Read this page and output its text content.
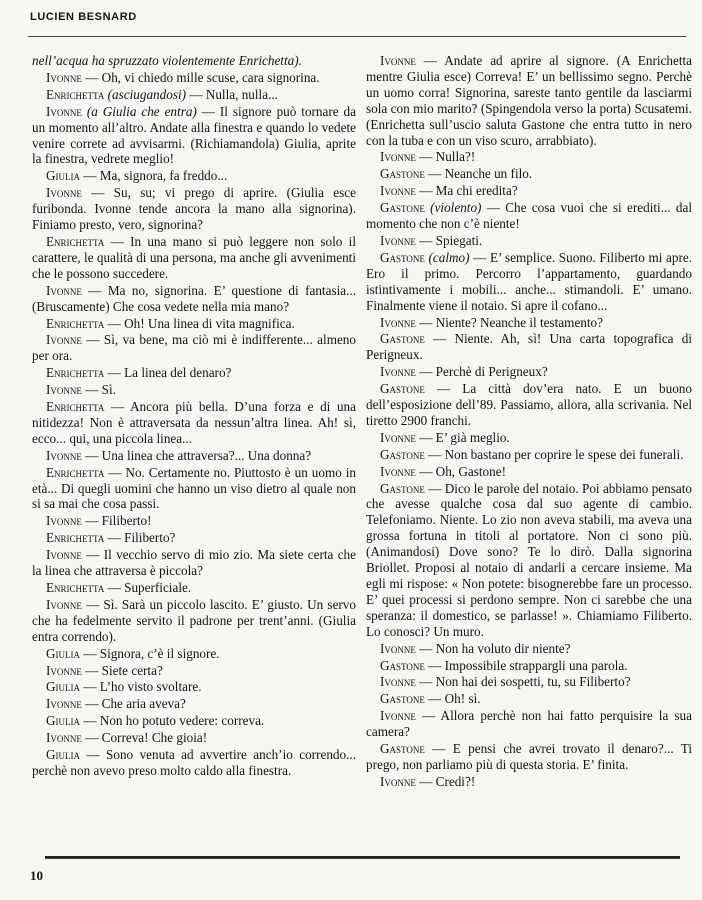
LUCIEN BESNARD

nell’acqua ha spruzzato violentemente Enrichetta).

Ivonne — Oh, vi chiedo mille scuse, cara signorina.

Enrichetta (asciugandosi) — Nulla, nulla...

Ivonne (a Giulia che entra) — Il signore può tornare da un momento all’altro. Andate alla finestra e quando lo vedete venire correte ad avvisarmi. (Richiamandola) Giulia, aprite la finestra, vedrete meglio!

Giulia — Ma, signora, fa freddo...

Ivonne — Su, su; vi prego di aprire. (Giulia esce furibonda. Ivonne tende ancora la mano alla signorina). Finiamo presto, vero, signorina?

Enrichetta — In una mano si può leggere non solo il carattere, le qualità di una persona, ma anche gli avvenimenti che le possono succedere.

Ivonne — Ma no, signorina. E’ questione di fantasia... (Bruscamente) Che cosa vedete nella mia mano?

Enrichetta — Oh! Una linea di vita magnifica.

Ivonne — Sì, va bene, ma ciò mi è indifferente... almeno per ora.

Enrichetta — La linea del denaro?

Ivonne — Sì.

Enrichetta — Ancora più bella. D’una forza e di una nitidezza! Non è attraversata da nessun’altra linea. Ah! sì, ecco... qui, una piccola linea...

Ivonne — Una linea che attraversa?... Una donna?

Enrichetta — No. Certamente no. Piuttosto è un uomo in età... Di quegli uomini che hanno un viso dietro al quale non si sa mai che cosa passi.

Ivonne — Filiberto!

Enrichetta — Filiberto?

Ivonne — Il vecchio servo di mio zio. Ma siete certa che la linea che attraversa è piccola?

Enrichetta — Superficiale.

Ivonne — Sì. Sarà un piccolo lascito. E’ giusto. Un servo che ha fedelmente servito il padrone per trent’anni. (Giulia entra correndo).

Giulia — Signora, c’è il signore.

Ivonne — Siete certa?

Giulia — L’ho visto svoltare.

Ivonne — Che aria aveva?

Giulia — Non ho potuto vedere: correva.

Ivonne — Correva! Che gioia!

Giulia — Sono venuta ad avvertire anch’io correndo... perchè non avevo preso molto caldo alla finestra.

Ivonne — Andate ad aprire al signore. (A Enrichetta mentre Giulia esce) Correva! E’ un bellissimo segno. Perchè un uomo corra! Signorina, sareste tanto gentile da lasciarmi sola con mio marito? (Spingendola verso la porta) Scusatemi. (Enrichetta sull’uscio saluta Gastone che entra tutto in nero con la tuba e con un viso scuro, arrabbiato).

Ivonne — Nulla?!

Gastone — Neanche un filo.

Ivonne — Ma chi eredita?

Gastone (violento) — Che cosa vuoi che si erediti... dal momento che non c’è niente!

Ivonne — Spiegati.

Gastone (calmo) — E’ semplice. Suono. Filiberto mi apre. Ero il primo. Percorro l’appartamento, guardando istintivamente i mobili... anche... stimandoli. E’ umano. Finalmente viene il notaio. Si apre il cofano...

Ivonne — Niente? Neanche il testamento?

Gastone — Niente. Ah, sì! Una carta topografica di Perigneux.

Ivonne — Perchè di Perigneux?

Gastone — La città dov’era nato. E un buono dell’esposizione dell’89. Passiamo, allora, alla scrivania. Nel tiretto 2900 franchi.

Ivonne — E’ già meglio.

Gastone — Non bastano per coprire le spese dei funerali.

Ivonne — Oh, Gastone!

Gastone — Dico le parole del notaio. Poi abbiamo pensato che avesse qualche cosa dal suo agente di cambio. Telefoniamo. Niente. Lo zio non aveva stabili, ma aveva una grossa fortuna in titoli al portatore. Non ci sono più. (Animandosi) Dove sono? Te lo dirò. Dalla signorina Briollet. Proposi al notaio di andarli a cercare insieme. Ma egli mi rispose: « Non potete: bisognerebbe fare un processo. E’ quei processi si perdono sempre. Non ci sarebbe che una speranza: il domestico, se parlasse! ». Chiamiamo Filiberto. Lo conosci? Un muro.

Ivonne — Non ha voluto dir niente?

Gastone — Impossibile strappargli una parola.

Ivonne — Non hai dei sospetti, tu, su Filiberto?

Gastone — Oh! sì.

Ivonne — Allora perchè non hai fatto perquisire la sua camera?

Gastone — E pensi che avrei trovato il denaro?... Ti prego, non parliamo più di questa storia. E’ finita.

Ivonne — Credi?!

10
